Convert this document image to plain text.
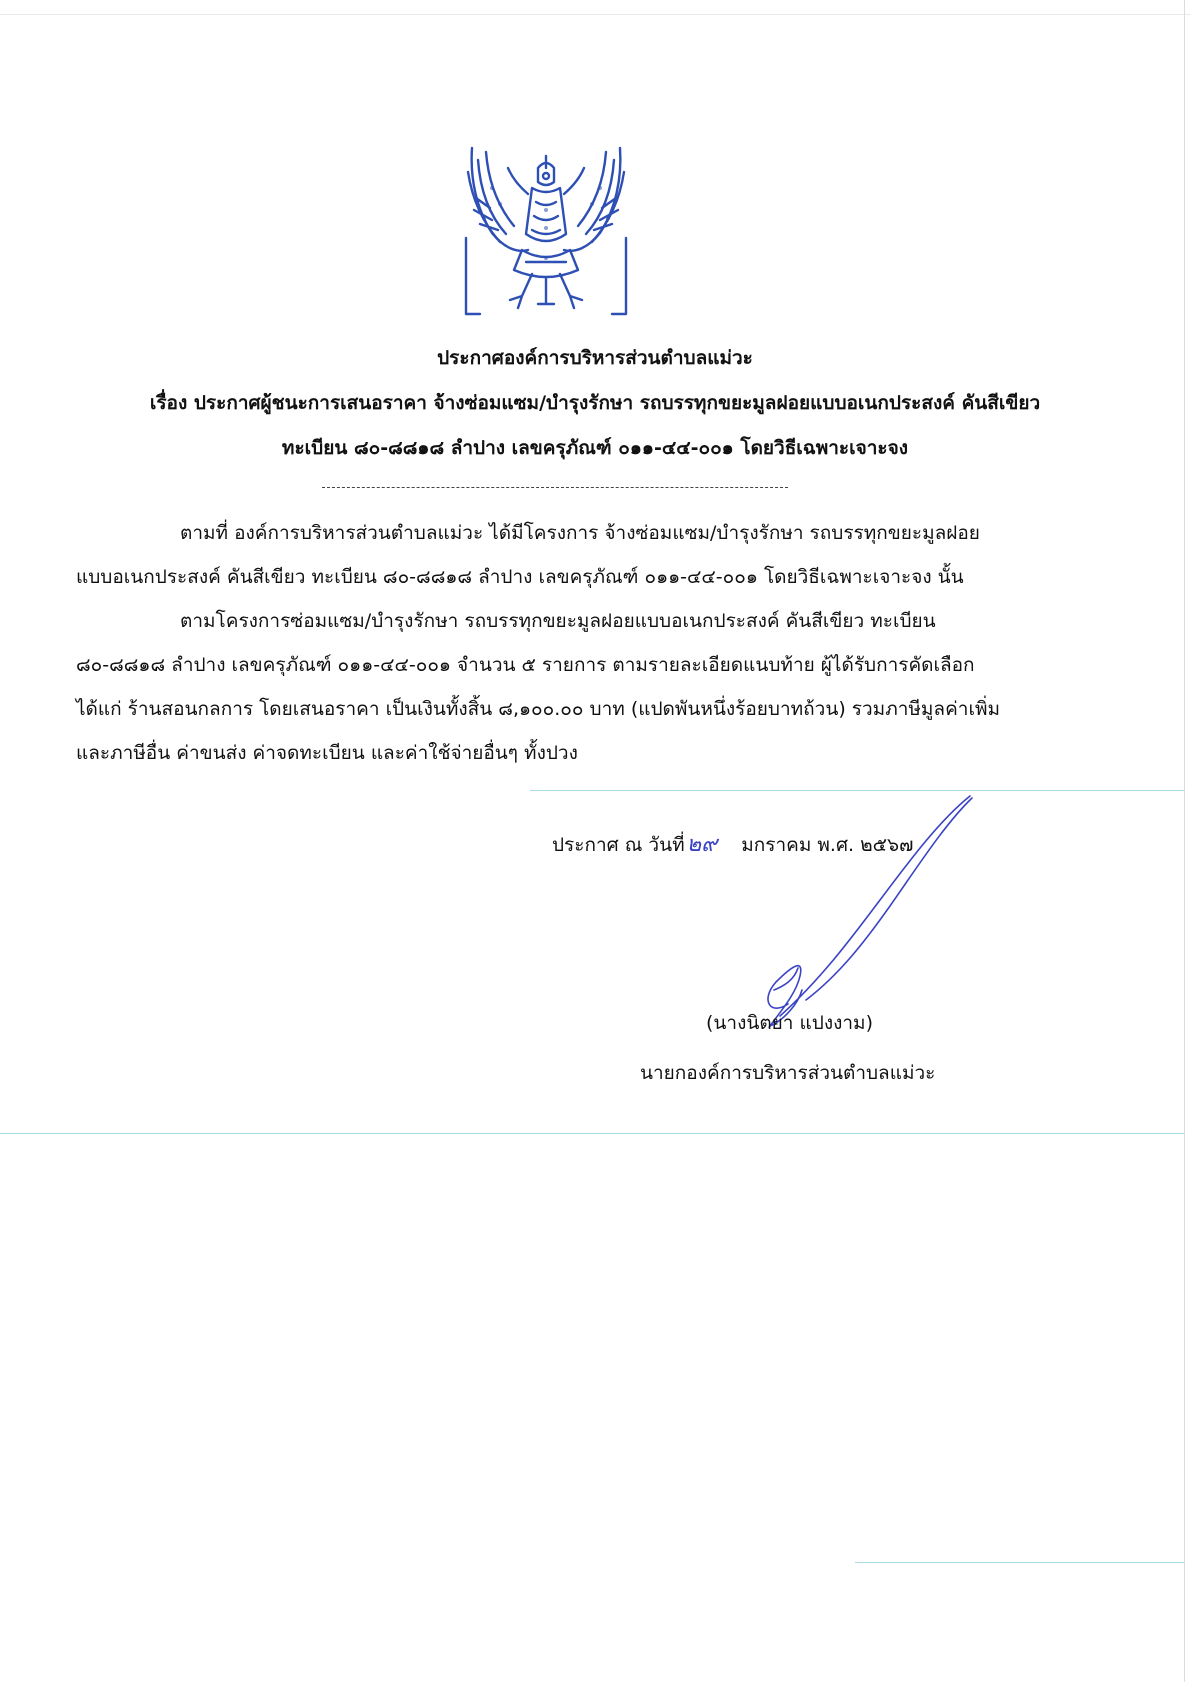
ประกาศองค์การบริหารส่วนตำบลแม่วะ
เรื่อง ประกาศผู้ชนะการเสนอราคา จ้างซ่อมแซม/บำรุงรักษา รถบรรทุกขยะมูลฝอยแบบอเนกประสงค์ คันสีเขียว
ทะเบียน ๘๐-๘๘๑๘ ลำปาง เลขครุภัณฑ์ ๐๑๑-๔๔-๐๐๑ โดยวิธีเฉพาะเจาะจง
ตามที่ องค์การบริหารส่วนตำบลแม่วะ ได้มีโครงการ จ้างซ่อมแซม/บำรุงรักษา รถบรรทุกขยะมูลฝอย
แบบอเนกประสงค์ คันสีเขียว ทะเบียน ๘๐-๘๘๑๘ ลำปาง เลขครุภัณฑ์ ๐๑๑-๔๔-๐๐๑ โดยวิธีเฉพาะเจาะจง นั้น
ตามโครงการซ่อมแซม/บำรุงรักษา รถบรรทุกขยะมูลฝอยแบบอเนกประสงค์ คันสีเขียว ทะเบียน
๘๐-๘๘๑๘ ลำปาง เลขครุภัณฑ์ ๐๑๑-๔๔-๐๐๑ จำนวน ๕ รายการ ตามรายละเอียดแนบท้าย ผู้ได้รับการคัดเลือก
ได้แก่ ร้านสอนกลการ โดยเสนอราคา เป็นเงินทั้งสิ้น ๘,๑๐๐.๐๐ บาท (แปดพันหนึ่งร้อยบาทถ้วน) รวมภาษีมูลค่าเพิ่ม
และภาษีอื่น ค่าขนส่ง ค่าจดทะเบียน และค่าใช้จ่ายอื่นๆ ทั้งปวง
ประกาศ ณ วันที่๒๙ มกราคม พ.ศ. ๒๕๖๗
(นางนิตยา แปงงาม)
นายกองค์การบริหารส่วนตำบลแม่วะ
